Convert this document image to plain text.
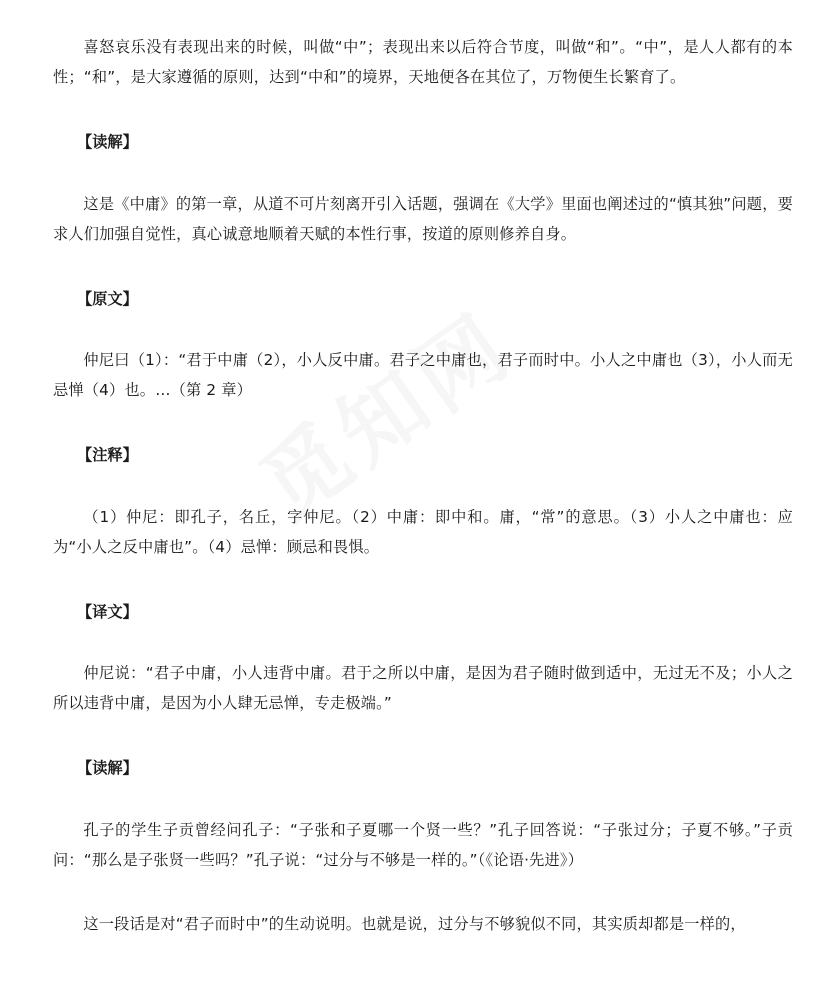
喜怒哀乐没有表现出来的时候，叫做“中”；表现出来以后符合节度，叫做“和”。“中”，是人人都有的本性；“和”，是大家遵循的原则，达到“中和”的境界，天地便各在其位了，万物便生长繁育了。

【读解】

这是《中庸》的第一章，从道不可片刻离开引入话题，强调在《大学》里面也阐述过的“慎其独”问题，要求人们加强自觉性，真心诚意地顺着天赋的本性行事，按道的原则修养自身。

【原文】

仲尼曰（1）：“君于中庸（2），小人反中庸。君子之中庸也，君子而时中。小人之中庸也（3），小人而无忌惮（4）也。…（第 2 章）

【注释】

（1）仲尼：即孔子，名丘，字仲尼。（2）中庸：即中和。庸，“常”的意思。（3）小人之中庸也：应为“小人之反中庸也”。（4）忌惮：顾忌和畏惧。

【译文】

仲尼说：“君子中庸，小人违背中庸。君于之所以中庸，是因为君子随时做到适中，无过无不及；小人之所以违背中庸，是因为小人肆无忌惮，专走极端。”

【读解】

孔子的学生子贡曾经问孔子：“子张和子夏哪一个贤一些？”孔子回答说：“子张过分；子夏不够。”子贡问：“那么是子张贤一些吗？”孔子说：“过分与不够是一样的。”（《论语·先进》）

这一段话是对“君子而时中”的生动说明。也就是说，过分与不够貌似不同，其实质却都是一样的，
